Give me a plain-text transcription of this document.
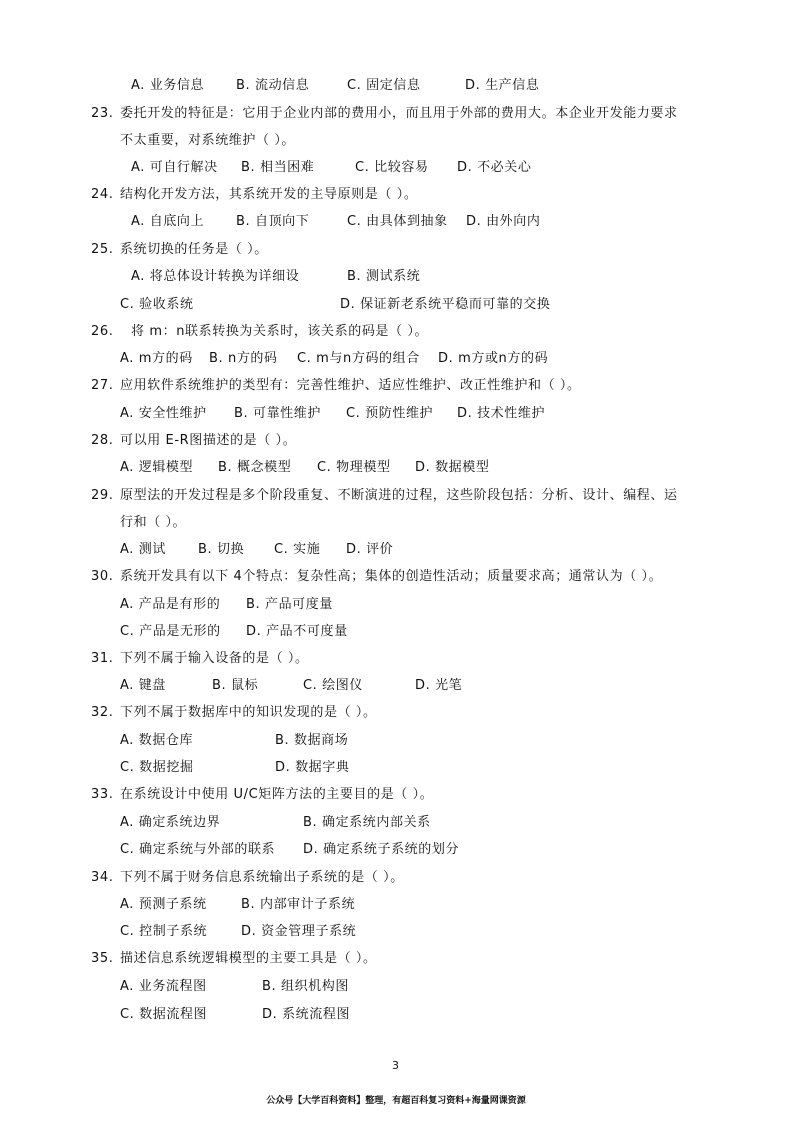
A. 业务信息 B. 流动信息	C. 固定信息	D. 生产信息
23. 委托开发的特征是：它用于企业内部的费用小，而且用于外部的费用大。本企业开发能力要求
不太重要，对系统维护（ ）。
A. 可自行解决 B. 相当困难	C. 比较容易 D. 不必关心
24. 结构化开发方法，其系统开发的主导原则是（ ）。
A. 自底向上 B. 自顶向下	C. 由具体到抽象 D. 由外向内
25. 系统切换的任务是（ ）。
A. 将总体设计转换为详细设	B. 测试系统
C. 验收系统	D. 保证新老系统平稳而可靠的交换
26. 将 m：n联系转换为关系时，该关系的码是（ ）。
A. m方的码 B. n方的码 C. m与n方码的组合 D. m方或n方的码
27. 应用软件系统维护的类型有：完善性维护、适应性维护、改正性维护和（ ）。
A. 安全性维护 B. 可靠性维护 C. 预防性维护 D. 技术性维护
28. 可以用 E-R图描述的是（ ）。
A. 逻辑模型 B. 概念模型 C. 物理模型 D. 数据模型
29. 原型法的开发过程是多个阶段重复、不断演进的过程，这些阶段包括：分析、设计、编程、运
行和（ ）。
A. 测试 B. 切换 C. 实施 D. 评价
30. 系统开发具有以下 4个特点：复杂性高；集体的创造性活动；质量要求高；通常认为（ ）。
A. 产品是有形的 B. 产品可度量
C. 产品是无形的 D. 产品不可度量
31. 下列不属于输入设备的是（ ）。
A. 键盘	B. 鼠标	C. 绘图仪	D. 光笔
32. 下列不属于数据库中的知识发现的是（ ）。
A. 数据仓库	B. 数据商场
C. 数据挖掘	D. 数据字典
33. 在系统设计中使用 U/C矩阵方法的主要目的是（ ）。
A. 确定系统边界	B. 确定系统内部关系
C. 确定系统与外部的联系 D. 确定系统子系统的划分
34. 下列不属于财务信息系统输出子系统的是（ ）。
A. 预测子系统	B. 内部审计子系统
C. 控制子系统	D. 资金管理子系统
35. 描述信息系统逻辑模型的主要工具是（ ）。
A. 业务流程图	B. 组织机构图
C. 数据流程图	D. 系统流程图
3
公众号【大学百科资料】整理，有超百科复习资料+海量网课资源
